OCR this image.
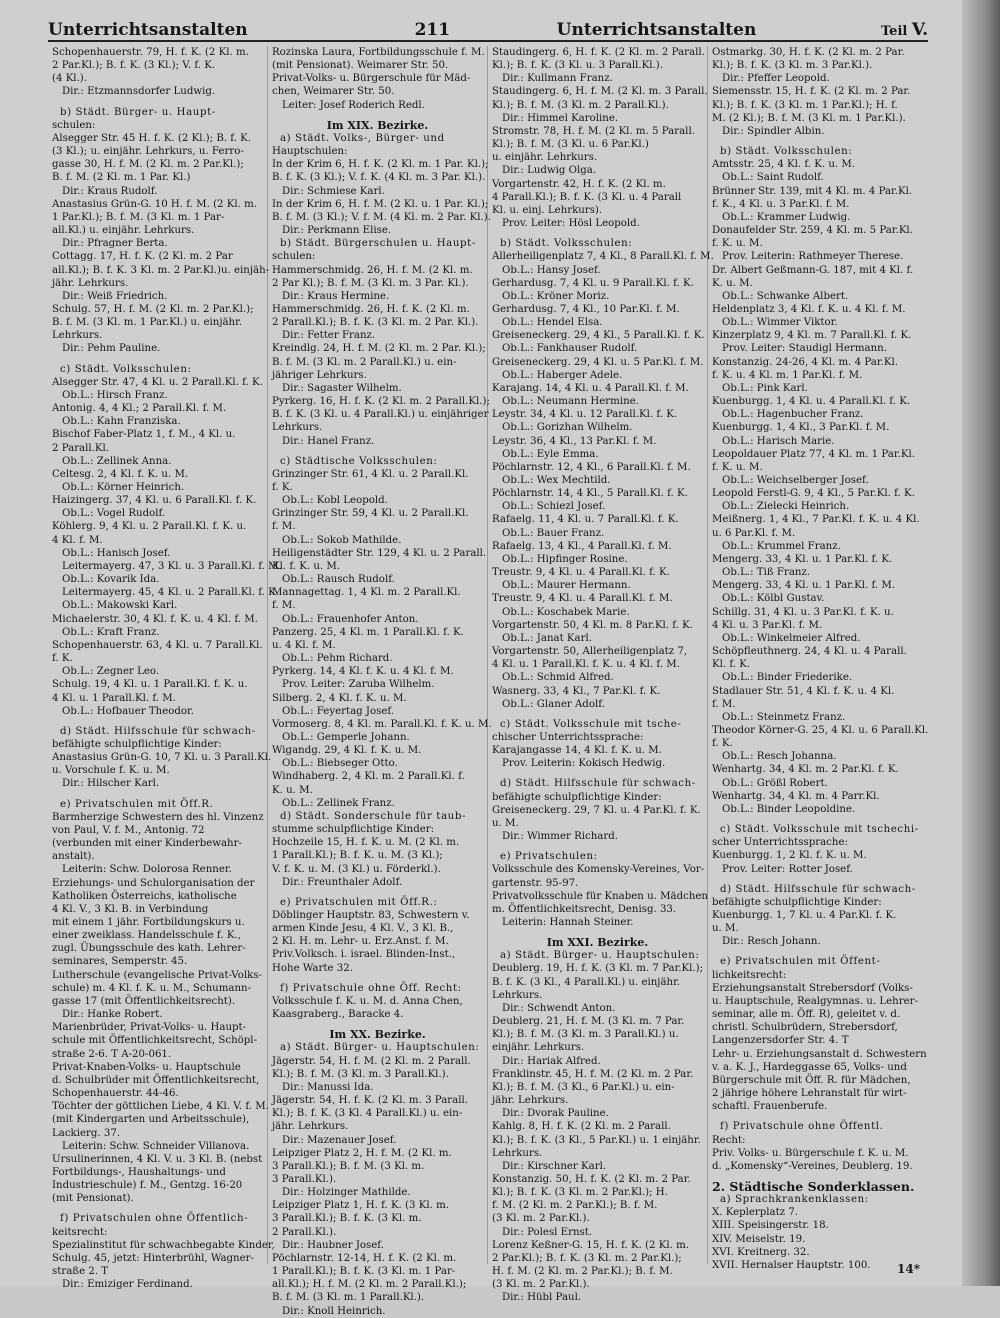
Unterrichtsanstalten	211	Unterrichtsanstalten	Teil V.
Schopenhauerstr. 79, H. f. K. (2 Kl. m.
2 Par.Kl.); B. f. K. (3 Kl.); V. f. K.
(4 Kl.).
Dir.: Etzmannsdorfer Ludwig.
b) Städt. Bürger- u. Haupt-
schulen:
Alsegger Str. 45 H. f. K. (2 Kl.); B. f. K.
(3 Kl.); u. einjähr. Lehrkurs, u. Ferro-
gasse 30, H. f. M. (2 Kl. m. 2 Par.Kl.);
B. f. M. (2 Kl. m. 1 Par. Kl.)
Dir.: Kraus Rudolf.
Anastasius Grün-G. 10 H. f. M. (2 Kl. m.
1 Par.Kl.); B. f. M. (3 Kl. m. 1 Par-
all.Kl.) u. einjähr. Lehrkurs.
Dir.: Pfragner Berta.
Cottagg. 17, H. f. K. (2 Kl. m. 2 Par
all.Kl.); B. f. K. 3 Kl. m. 2 Par.Kl.)u. einjäh-
jähr. Lehrkurs.
Dir.: Weiß Friedrich.
Schulg. 57, H. f. M. (2 Kl. m. 2 Par.Kl.);
B. f. M. (3 Kl. m. 1 Par.Kl.) u. einjähr.
Lehrkurs.
Dir.: Pehm Pauline.
c) Städt. Volksschulen:
Alsegger Str. 47, 4 Kl. u. 2 Parall.Kl. f. K.
Ob.L.: Hirsch Franz.
Antonig. 4, 4 Kl.; 2 Parall.Kl. f. M.
Ob.L.: Kahn Franziska.
Bischof Faber-Platz 1, f. M., 4 Kl. u.
2 Parall.Kl.
Ob.L.: Zellinek Anna.
Celtesg. 2, 4 Kl. f. K. u. M.
Ob.L.: Körner Heinrich.
Haizingerg. 37, 4 Kl. u. 6 Parall.Kl. f. K.
Ob.L.: Vogel Rudolf.
Köhlerg. 9, 4 Kl. u. 2 Parall.Kl. f. K. u.
4 Kl. f. M.
Ob.L.: Hanisch Josef.
Leitermayerg. 47, 3 Kl. u. 3 Parall.Kl. f. M.
Ob.L.: Kovarik Ida.
Leitermayerg. 45, 4 Kl. u. 2 Parall.Kl. f. K.
Ob.L.: Makowski Karl.
Michaelerstr. 30, 4 Kl. f. K. u. 4 Kl. f. M.
Ob.L.: Kraft Franz.
Schopenhauerstr. 63, 4 Kl. u. 7 Parall.Kl.
f. K.
Ob.L.: Zegner Leo.
Schulg. 19, 4 Kl. u. 1 Parall.Kl. f. K. u.
4 Kl. u. 1 Parall.Kl. f. M.
Ob.L.: Hofbauer Theodor.
d) Städt. Hilfsschule für schwach-
befähigte schulpflichtige Kinder:
Anastasius Grün-G. 10, 7 Kl. u. 3 Parall.Kl.
u. Vorschule f. K. u. M.
Dir.: Hilscher Karl.
e) Privatschulen mit Öff.R.
Barmherzige Schwestern des hl. Vinzenz
von Paul, V. f. M., Antonig. 72
(verbunden mit einer Kinderbewahr-
anstalt).
Leiterin: Schw. Dolorosa Renner.
Erziehungs- und Schulorganisation der
Katholiken Österreichs, katholische
4 Kl. V., 3 Kl. B. in Verbindung
mit einem 1 jähr. Fortbildungskurs u.
einer zweiklass. Handelsschule f. K.,
zugl. Übungsschule des kath. Lehrer-
seminares, Semperstr. 45.
Lutherschule (evangelische Privat-Volks-
schule) m. 4 Kl. f. K. u. M., Schumann-
gasse 17 (mit Öffentlichkeitsrecht).
Dir.: Hanke Robert.
Marienbrüder, Privat-Volks- u. Haupt-
schule mit Öffentlichkeitsrecht, Schöpl-
straße 2-6. T A-20-061.
Privat-Knaben-Volks- u. Hauptschule
d. Schulbrüder mit Öffentlichkeitsrecht,
Schopenhauerstr. 44-46.
Töchter der göttlichen Liebe, 4 Kl. V. f. M.
(mit Kindergarten und Arbeitsschule),
Lackierg. 37.
Leiterin: Schw. Schneider Villanova.
Ursulinerinnen, 4 Kl. V. u. 3 Kl. B. (nebst
Fortbildungs-, Haushaltungs- und
Industrieschule) f. M., Gentzg. 16-20
(mit Pensionat).
f) Privatschulen ohne Öffentlich-
keitsrecht:
Spezialinstitut für schwachbegabte Kinder,
Schulg. 45, jetzt: Hinterbrühl, Wagner-
straße 2. T
Dir.: Emiziger Ferdinand.
Rozinska Laura, Fortbildungsschule f. M.
(mit Pensionat). Weimarer Str. 50.
Privat-Volks- u. Bürgerschule für Mäd-
chen, Weimarer Str. 50.
Leiter: Josef Roderich Redl.
Im XIX. Bezirke.
a) Städt. Volks-, Bürger- und
Hauptschulen:
In der Krim 6, H. f. K. (2 Kl. m. 1 Par. Kl.);
B. f. K. (3 Kl.); V. f. K. (4 Kl. m. 3 Par. Kl.).
Dir.: Schmiese Karl.
In der Krim 6, H. f. M. (2 Kl. u. 1 Par. Kl.);
B. f. M. (3 Kl.); V. f. M. (4 Kl. m. 2 Par. Kl.).
Dir.: Perkmann Elise.
b) Städt. Bürgerschulen u. Haupt-
schulen:
Hammerschmidg. 26, H. f. M. (2 Kl. m.
2 Par Kl.); B. f. M. (3 Kl. m. 3 Par. Kl.).
Dir.: Kraus Hermine.
Hammerschmidg. 26, H. f. K. (2 Kl. m.
2 Parall.Kl.); B. f. K. (3 Kl. m. 2 Par. Kl.).
Dir.: Fetter Franz.
Kreindlg. 24, H. f. M. (2 Kl. m. 2 Par. Kl.);
B. f. M. (3 Kl. m. 2 Parall.Kl.) u. ein-
jähriger Lehrkurs.
Dir.: Sagaster Wilhelm.
Pyrkerg. 16, H. f. K. (2 Kl. m. 2 Parall.Kl.);
B. f. K. (3 Kl. u. 4 Parall.Kl.) u. einjähriger
Lehrkurs.
Dir.: Hanel Franz.
c) Städtische Volksschulen:
Grinzinger Str. 61, 4 Kl. u. 2 Parall.Kl.
f. K.
Ob.L.: Kobl Leopold.
Grinzinger Str. 59, 4 Kl. u. 2 Parall.Kl.
f. M.
Ob.L.: Sokob Mathilde.
Heiligenstädter Str. 129, 4 Kl. u. 2 Parall.
Kl. f. K. u. M.
Ob.L.: Rausch Rudolf.
Mannagettag. 1, 4 Kl. m. 2 Parall.Kl.
f. M.
Ob.L.: Frauenhofer Anton.
Panzerg. 25, 4 Kl. m. 1 Parall.Kl. f. K.
u. 4 Kl. f. M.
Ob.L.: Pehm Richard.
Pyrkerg. 14, 4 Kl. f. K. u. 4 Kl. f. M.
Prov. Leiter: Zaruba Wilhelm.
Silberg. 2, 4 Kl. f. K. u. M.
Ob.L.: Feyertag Josef.
Vormoserg. 8, 4 Kl. m. Parall.Kl. f. K. u. M.
Ob.L.: Gemperle Johann.
Wigandg. 29, 4 Kl. f. K. u. M.
Ob.L.: Biebseger Otto.
Windhaberg. 2, 4 Kl. m. 2 Parall.Kl. f.
K. u. M.
Ob.L.: Zellinek Franz.
d) Städt. Sonderschule für taub-
stumme schulpflichtige Kinder:
Hochzeile 15, H. f. K. u. M. (2 Kl. m.
1 Parall.Kl.); B. f. K. u. M. (3 Kl.);
V. f. K. u. M. (3 Kl.) u. Förderkl.).
Dir.: Freunthaler Adolf.
e) Privatschulen mit Öff.R.:
Döblinger Hauptstr. 83, Schwestern v.
armen Kinde Jesu, 4 Kl. V., 3 Kl. B.,
2 Kl. H. m. Lehr- u. Erz.Anst. f. M.
Priv.Volksch. i. israel. Blinden-Inst.,
Hohe Warte 32.
f) Privatschule ohne Öff. Recht:
Volksschule f. K. u. M. d. Anna Chen,
Kaasgraberg., Baracke 4.
Im XX. Bezirke.
a) Städt. Bürger- u. Hauptschulen:
Jägerstr. 54, H. f. M. (2 Kl. m. 2 Parall.
Kl.); B. f. M. (3 Kl. m. 3 Parall.Kl.).
Dir.: Manussi Ida.
Jägerstr. 54, H. f. K. (2 Kl. m. 3 Parall.
Kl.); B. f. K. (3 Kl. 4 Parall.Kl.) u. ein-
jähr. Lehrkurs.
Dir.: Mazenauer Josef.
Leipziger Platz 2, H. f. M. (2 Kl. m.
3 Parall.Kl.); B. f. M. (3 Kl. m.
3 Parall.Kl.).
Dir.: Holzinger Mathilde.
Leipziger Platz 1, H. f. K. (3 Kl. m.
3 Parall.Kl.); B. f. K. (3 Kl. m.
2 Parall.Kl.).
Dir.: Haubner Josef.
Pöchlarnstr. 12-14, H. f. K. (2 Kl. m.
1 Parall.Kl.); B. f. K. (3 Kl. m. 1 Par-
all.Kl.); H. f. M. (2 Kl. m. 2 Parall.Kl.);
B. f. M. (3 Kl. m. 1 Parall.Kl.).
Dir.: Knoll Heinrich.
Staudingerg. 6, H. f. K. (2 Kl. m. 2 Parall.
Kl.); B. f. K. (3 Kl. u. 3 Parall.Kl.).
Dir.: Kullmann Franz.
Staudingerg. 6, H. f. M. (2 Kl. m. 3 Parall.
Kl.); B. f. M. (3 Kl. m. 2 Parall.Kl.).
Dir.: Himmel Karoline.
Stromstr. 78, H. f. M. (2 Kl. m. 5 Parall.
Kl.); B. f. M. (3 Kl. u. 6 Par.Kl.)
u. einjähr. Lehrkurs.
Dir.: Ludwig Olga.
Vorgartenstr. 42, H. f. K. (2 Kl. m.
4 Parall.Kl.); B. f. K. (3 Kl. u. 4 Parall
Kl. u. einj. Lehrkurs).
Prov. Leiter: Hösl Leopold.
b) Städt. Volksschulen:
Allerheiligenplatz 7, 4 Kl., 8 Parall.Kl. f. M.
Ob.L.: Hansy Josef.
Gerhardusg. 7, 4 Kl. u. 9 Parall.Kl. f. K.
Ob.L.: Kröner Moriz.
Gerhardusg. 7, 4 Kl., 10 Par.Kl. f. M.
Ob.L.: Hendel Elsa.
Greiseneckerg. 29, 4 Kl., 5 Parall.Kl. f. K.
Ob.L.: Fankhauser Rudolf.
Greiseneckerg. 29, 4 Kl. u. 5 Par.Kl. f. M.
Ob.L.: Haberger Adele.
Karajang. 14, 4 Kl. u. 4 Parall.Kl. f. M.
Ob.L.: Neumann Hermine.
Leystr. 34, 4 Kl. u. 12 Parall.Kl. f. K.
Ob.L.: Gorizhan Wilhelm.
Leystr. 36, 4 Kl., 13 Par.Kl. f. M.
Ob.L.: Eyle Emma.
Pöchlarnstr. 12, 4 Kl., 6 Parall.Kl. f. M.
Ob.L.: Wex Mechtild.
Pöchlarnstr. 14, 4 Kl., 5 Parall.Kl. f. K.
Ob.L.: Schiezl Josef.
Rafaelg. 11, 4 Kl. u. 7 Parall.Kl. f. K.
Ob.L.: Bauer Franz.
Rafaelg. 13, 4 Kl., 4 Parall.Kl. f. M.
Ob.L.: Hipfinger Rosine.
Treustr. 9, 4 Kl. u. 4 Parall.Kl. f. K.
Ob.L.: Maurer Hermann.
Treustr. 9, 4 Kl. u. 4 Parall.Kl. f. M.
Ob.L.: Koschabek Marie.
Vorgartenstr. 50, 4 Kl. m. 8 Par.Kl. f. K.
Ob.L.: Janat Karl.
Vorgartenstr. 50, Allerheiligenplatz 7,
4 Kl. u. 1 Parall.Kl. f. K. u. 4 Kl. f. M.
Ob.L.: Schmid Alfred.
Wasnerg. 33, 4 Kl., 7 Par.Kl. f. K.
Ob.L.: Glaner Adolf.
c) Städt. Volksschule mit tsche-
chischer Unterrichtssprache:
Karajangasse 14, 4 Kl. f. K. u. M.
Prov. Leiterin: Kokisch Hedwig.
d) Städt. Hilfsschule für schwach-
befähigte schulpflichtige Kinder:
Greiseneckerg. 29, 7 Kl. u. 4 Par.Kl. f. K.
u. M.
Dir.: Wimmer Richard.
e) Privatschulen:
Volksschule des Komensky-Vereines, Vor-
gartenstr. 95-97.
Privatvolksschule für Knaben u. Mädchen
m. Öffentlichkeitsrecht, Denisg. 33.
Leiterin: Hannah Steiner.
Im XXI. Bezirke.
a) Städt. Bürger- u. Hauptschulen:
Deublerg. 19, H. f. K. (3 Kl. m. 7 Par.Kl.);
B. f. K. (3 Kl., 4 Parall.Kl.) u. einjähr.
Lehrkurs.
Dir.: Schwendt Anton.
Deublerg. 21, H. f. M. (3 Kl. m. 7 Par.
Kl.); B. f. M. (3 Kl. m. 3 Parall.Kl.) u.
einjähr. Lehrkurs.
Dir.: Hariak Alfred.
Franklinstr. 45, H. f. M. (2 Kl. m. 2 Par.
Kl.); B. f. M. (3 Kl., 6 Par.Kl.) u. ein-
jähr. Lehrkurs.
Dir.: Dvorak Pauline.
Kahlg. 8, H. f. K. (2 Kl. m. 2 Parall.
Kl.); B. f. K. (3 Kl., 5 Par.Kl.) u. 1 einjähr.
Lehrkurs.
Dir.: Kirschner Karl.
Konstanzig. 50, H. f. K. (2 Kl. m. 2 Par.
Kl.); B. f. K. (3 Kl. m. 2 Par.Kl.); H.
f. M. (2 Kl. m. 2 Par.Kl.); B. f. M.
(3 Kl. m. 2 Par.Kl.).
Dir.: Polesl Ernst.
Lorenz Keßner-G. 15, H. f. K. (2 Kl. m.
2 Par.Kl.); B. f. K. (3 Kl. m. 2 Par.Kl.);
H. f. M. (2 Kl. m. 2 Par.Kl.); B. f. M.
(3 Kl. m. 2 Par.Kl.).
Dir.: Hübl Paul.
Ostmarkg. 30, H. f. K. (2 Kl. m. 2 Par.
Kl.); B. f. K. (3 Kl. m. 3 Par.Kl.).
Dir.: Pfeffer Leopold.
Siemensstr. 15, H. f. K. (2 Kl. m. 2 Par.
Kl.); B. f. K. (3 Kl. m. 1 Par.Kl.); H. f.
M. (2 Kl.); B. f. M. (3 Kl. m. 1 Par.Kl.).
Dir.: Spindler Albin.
b) Städt. Volksschulen:
Amtsstr. 25, 4 Kl. f. K. u. M.
Ob.L.: Saint Rudolf.
Brünner Str. 139, mit 4 Kl. m. 4 Par.Kl.
f. K., 4 Kl. u. 3 Par.Kl. f. M.
Ob.L.: Krammer Ludwig.
Donaufelder Str. 259, 4 Kl. m. 5 Par.Kl.
f. K. u. M.
Prov. Leiterin: Rathmeyer Therese.
Dr. Albert Geßmann-G. 187, mit 4 Kl. f.
K. u. M.
Ob.L.: Schwanke Albert.
Heldenplatz 3, 4 Kl. f. K. u. 4 Kl. f. M.
Ob.L.: Wimmer Viktor.
Kinzerplatz 9, 4 Kl. m. 7 Parall.Kl. f. K.
Prov. Leiter: Staudigl Hermann.
Konstanzig. 24-26, 4 Kl. m. 4 Par.Kl.
f. K. u. 4 Kl. m. 1 Par.Kl. f. M.
Ob.L.: Pink Karl.
Kuenburgg. 1, 4 Kl. u. 4 Parall.Kl. f. K.
Ob.L.: Hagenbucher Franz.
Kuenburgg. 1, 4 Kl., 3 Par.Kl. f. M.
Ob.L.: Harisch Marie.
Leopoldauer Platz 77, 4 Kl. m. 1 Par.Kl.
f. K. u. M.
Ob.L.: Weichselberger Josef.
Leopold Ferstl-G. 9, 4 Kl., 5 Par.Kl. f. K.
Ob.L.: Zielecki Heinrich.
Meißnerg. 1, 4 Kl., 7 Par.Kl. f. K. u. 4 Kl.
u. 6 Par.Kl. f. M.
Ob.L.: Krummel Franz.
Mengerg. 33, 4 Kl. u. 1 Par.Kl. f. K.
Ob.L.: Tiß Franz.
Mengerg. 33, 4 Kl. u. 1 Par.Kl. f. M.
Ob.L.: Kölbl Gustav.
Schillg. 31, 4 Kl. u. 3 Par.Kl. f. K. u.
4 Kl. u. 3 Par.Kl. f. M.
Ob.L.: Winkelmeier Alfred.
Schöpfleuthnerg. 24, 4 Kl. u. 4 Parall.
Kl. f. K.
Ob.L.: Binder Friederike.
Stadlauer Str. 51, 4 Kl. f. K. u. 4 Kl.
f. M.
Ob.L.: Steinmetz Franz.
Theodor Körner-G. 25, 4 Kl. u. 6 Parall.Kl.
f. K.
Ob.L.: Resch Johanna.
Wenhartg. 34, 4 Kl. m. 2 Par.Kl. f. K.
Ob.L.: Größl Robert.
Wenhartg. 34, 4 Kl. m. 4 Parr.Kl.
Ob.L.: Binder Leopoldine.
c) Städt. Volksschule mit tschechi-
scher Unterrichtssprache:
Kuenburgg. 1, 2 Kl. f. K. u. M.
Prov. Leiter: Rotter Josef.
d) Städt. Hilfsschule für schwach-
befähigte schulpflichtige Kinder:
Kuenburgg. 1, 7 Kl. u. 4 Par.Kl. f. K.
u. M.
Dir.: Resch Johann.
e) Privatschulen mit Öffent-
lichkeitsrecht:
Erziehungsanstalt Strebersdorf (Volks-
u. Hauptschule, Realgymnas. u. Lehrer-
seminar, alle m. Öff. R), geleitet v. d.
christl. Schulbrüdern, Strebersdorf,
Langenzersdorfer Str. 4. T
Lehr- u. Erziehungsanstalt d. Schwestern
v. a. K. J., Hardeggasse 65, Volks- und
Bürgerschule mit Öff. R. für Mädchen,
2 jährige höhere Lehranstalt für wirt-
schaftl. Frauenberufe.
f) Privatschule ohne Öffentl.
Recht:
Priv. Volks- u. Bürgerschule f. K. u. M.
d. „Komensky“-Vereines, Deublerg. 19.
2. Städtische Sonderklassen.
a) Sprachkrankenklassen:
X. Keplerplatz 7.
XIII. Speisingerstr. 18.
XIV. Meiselstr. 19.
XVI. Kreitnerg. 32.
XVII. Hernalser Hauptstr. 100.	14*
